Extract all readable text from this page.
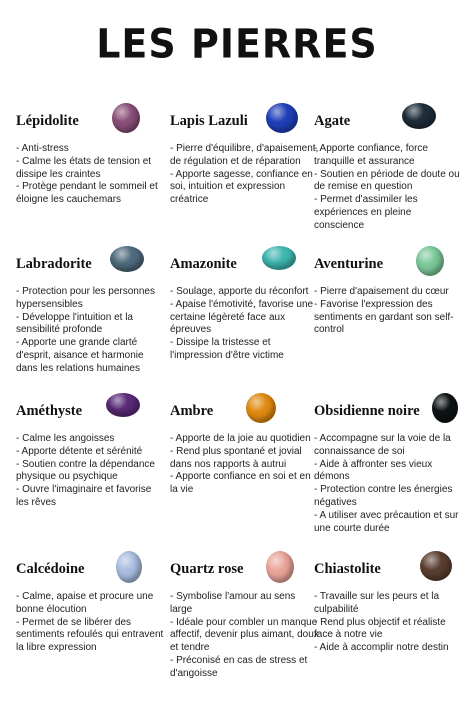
LES PIERRES
Lépidolite
- Anti-stress
- Calme les états de tension et dissipe les craintes
- Protège pendant le sommeil et éloigne les cauchemars
Lapis Lazuli
- Pierre d'équilibre, d'apaisement, de régulation et de réparation
- Apporte sagesse, confiance en soi, intuition et expression créatrice
Agate
- Apporte confiance, force tranquille et assurance
- Soutien en période de doute ou de remise en question
- Permet d'assimiler les expériences en pleine conscience
Labradorite
- Protection pour les personnes hypersensibles
- Développe l'intuition et la sensibilité profonde
- Apporte une grande clarté d'esprit, aisance et harmonie dans les relations humaines
Amazonite
- Soulage, apporte du réconfort
- Apaise l'émotivité, favorise une certaine légèreté face aux épreuves
- Dissipe la tristesse et l'impression d'être victime
Aventurine
- Pierre d'apaisement du cœur
- Favorise l'expression des sentiments en gardant son self-control
Améthyste
- Calme les angoisses
- Apporte détente et sérénité
- Soutien contre la dépendance physique ou psychique
- Ouvre l'imaginaire et favorise les rêves
Ambre
- Apporte de la joie au quotidien
- Rend plus spontané et jovial dans nos rapports à autrui
- Apporte confiance en soi et en la vie
Obsidienne noire
- Accompagne sur la voie de la connaissance de soi
- Aide à affronter ses vieux démons
- Protection contre les énergies négatives
- A utiliser avec précaution et sur une courte durée
Calcédoine
- Calme, apaise et procure une bonne élocution
- Permet de se libérer des sentiments refoulés qui entravent la libre expression
Quartz rose
- Symbolise l'amour au sens large
- Idéale pour combler un manque affectif, devenir plus aimant, doux et tendre
- Préconisé en cas de stress et d'angoisse
Chiastolite
- Travaille sur les peurs et la culpabilité
- Rend plus objectif et réaliste face à notre vie
- Aide à accomplir notre destin
